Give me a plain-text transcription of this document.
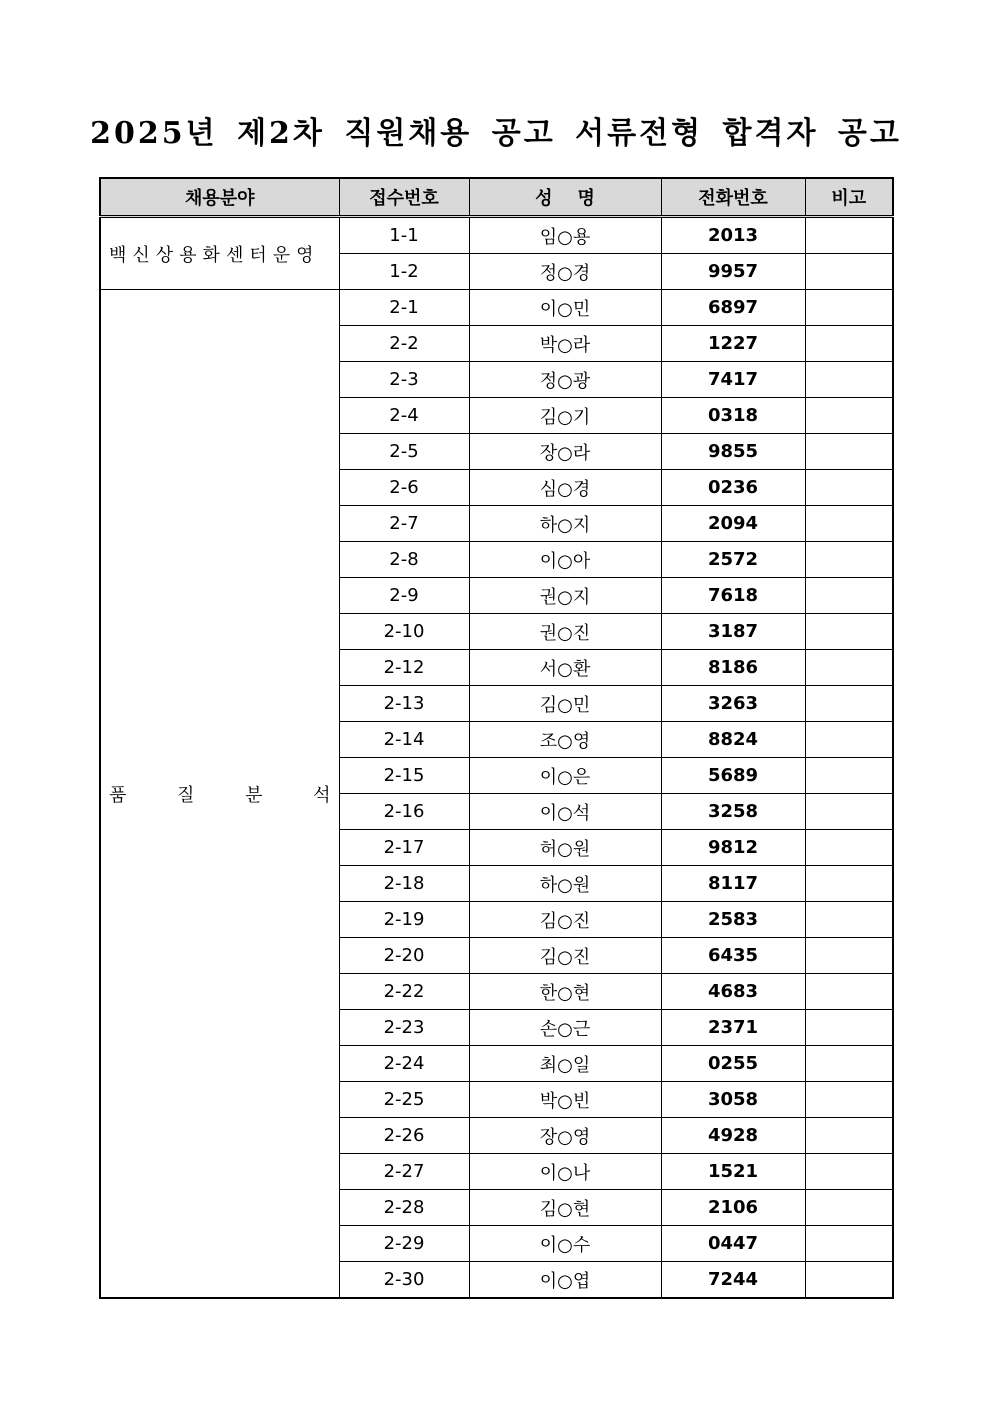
2025년 제2차 직원채용 공고 서류전형 합격자 공고
채용분야	접수번호	성    명	전화번호	비고
백신상용화센터운영	1-1	임○용	2013	
	1-2	정○경	9957	
품 질 분 석	2-1	이○민	6897	
	2-2	박○라	1227	
	2-3	정○광	7417	
	2-4	김○기	0318	
	2-5	장○라	9855	
	2-6	심○경	0236	
	2-7	하○지	2094	
	2-8	이○아	2572	
	2-9	권○지	7618	
	2-10	권○진	3187	
	2-12	서○환	8186	
	2-13	김○민	3263	
	2-14	조○영	8824	
	2-15	이○은	5689	
	2-16	이○석	3258	
	2-17	허○원	9812	
	2-18	하○원	8117	
	2-19	김○진	2583	
	2-20	김○진	6435	
	2-22	한○현	4683	
	2-23	손○근	2371	
	2-24	최○일	0255	
	2-25	박○빈	3058	
	2-26	장○영	4928	
	2-27	이○나	1521	
	2-28	김○현	2106	
	2-29	이○수	0447	
	2-30	이○엽	7244	
